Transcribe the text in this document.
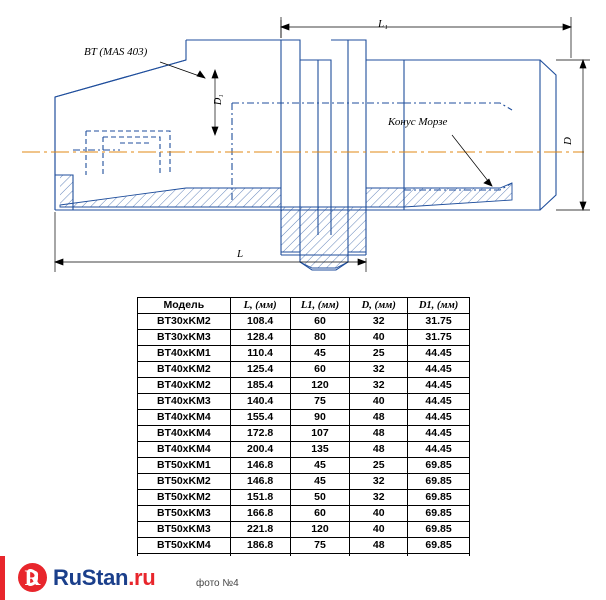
BT (MAS 403)
Конус Морзе
L₁
L
D
D₁
Модель	L, (мм)	L1, (мм)	D, (мм)	D1, (мм)
BT30xKM2	108.4	60	32	31.75
BT30xKM3	128.4	80	40	31.75
BT40xKM1	110.4	45	25	44.45
BT40xKM2	125.4	60	32	44.45
BT40xKM2	185.4	120	32	44.45
BT40xKM3	140.4	75	40	44.45
BT40xKM4	155.4	90	48	44.45
BT40xKM4	172.8	107	48	44.45
BT40xKM4	200.4	135	48	44.45
BT50xKM1	146.8	45	25	69.85
BT50xKM2	146.8	45	32	69.85
BT50xKM2	151.8	50	32	69.85
BT50xKM3	166.8	60	40	69.85
BT50xKM3	221.8	120	40	69.85
BT50xKM4	186.8	75	48	69.85

R RuStan.ru	фото №4
